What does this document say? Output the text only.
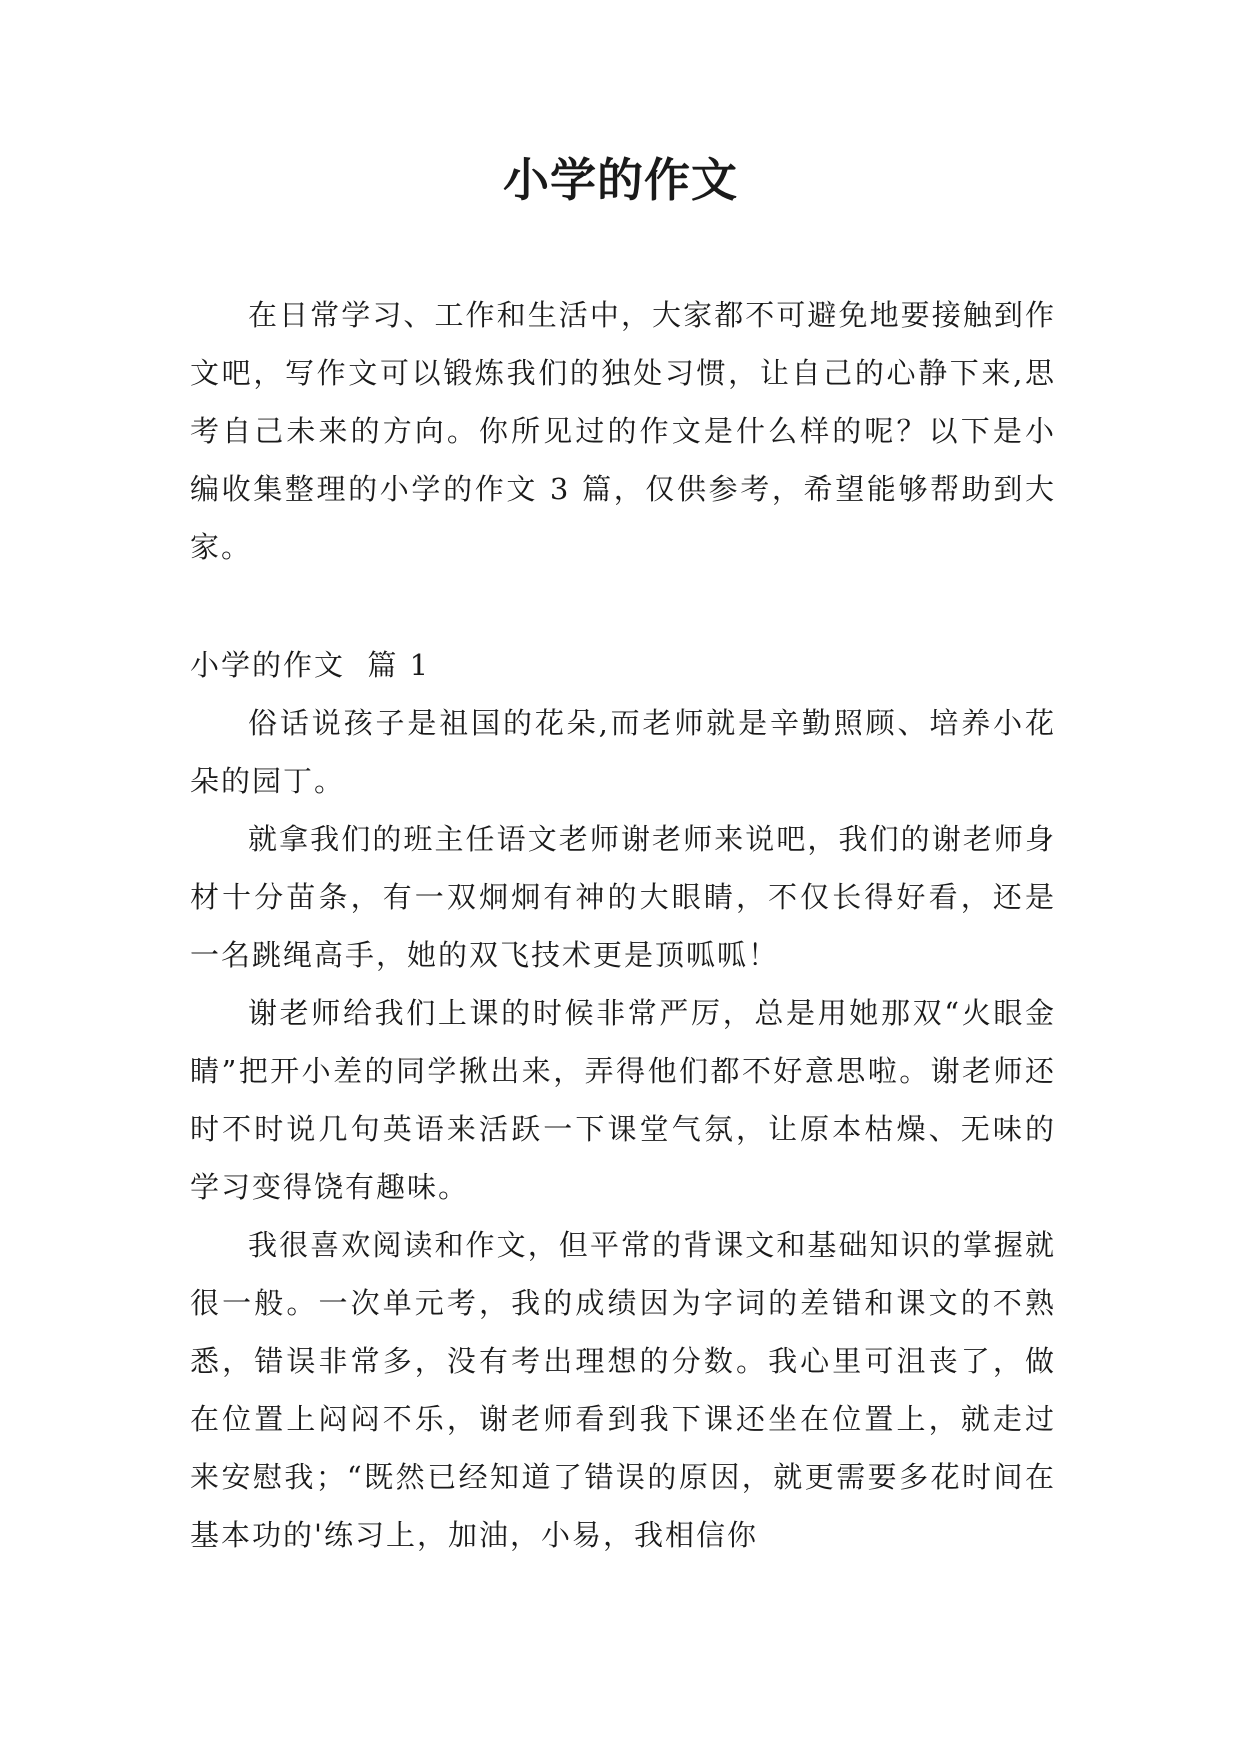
小学的作文

在日常学习、工作和生活中，大家都不可避免地要接触到作文吧，写作文可以锻炼我们的独处习惯，让自己的心静下来,思考自己未来的方向。你所见过的作文是什么样的呢？以下是小编收集整理的小学的作文 3 篇，仅供参考，希望能够帮助到大家。

小学的作文  篇 1

俗话说孩子是祖国的花朵,而老师就是辛勤照顾、培养小花朵的园丁。

就拿我们的班主任语文老师谢老师来说吧，我们的谢老师身材十分苗条，有一双炯炯有神的大眼睛，不仅长得好看，还是一名跳绳高手，她的双飞技术更是顶呱呱！

谢老师给我们上课的时候非常严厉，总是用她那双“火眼金睛”把开小差的同学揪出来，弄得他们都不好意思啦。谢老师还时不时说几句英语来活跃一下课堂气氛，让原本枯燥、无味的学习变得饶有趣味。

我很喜欢阅读和作文，但平常的背课文和基础知识的掌握就很一般。一次单元考，我的成绩因为字词的差错和课文的不熟悉，错误非常多，没有考出理想的分数。我心里可沮丧了，做在位置上闷闷不乐，谢老师看到我下课还坐在位置上，就走过来安慰我；“既然已经知道了错误的原因，就更需要多花时间在基本功的'练习上，加油，小易，我相信你
